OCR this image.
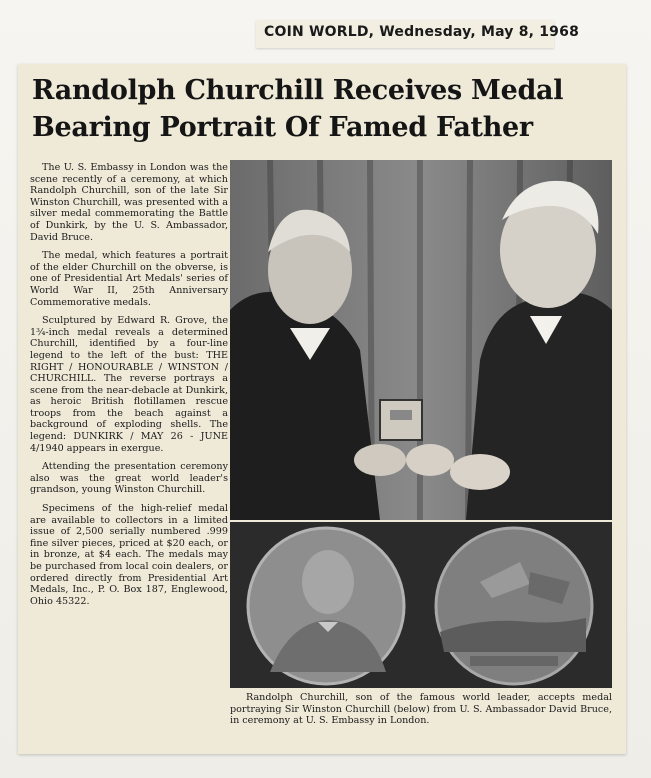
COIN WORLD, Wednesday, May 8, 1968
Randolph Churchill Receives Medal
Bearing Portrait Of Famed Father

The U. S. Embassy in London was the scene recently of a ceremony, at which Randolph Churchill, son of the late Sir Winston Churchill, was presented with a silver medal commemorating the Battle of Dunkirk, by the U. S. Ambassador, David Bruce.

The medal, which features a portrait of the elder Churchill on the obverse, is one of Presidential Art Medals' series of World War II, 25th Anniversary Commemorative medals.

Sculptured by Edward R. Grove, the 1¾-inch medal reveals a determined Churchill, identified by a four-line legend to the left of the bust: THE RIGHT / HONOURABLE / WINSTON / CHURCHILL. The reverse portrays a scene from the near-debacle at Dunkirk, as heroic British flotillamen rescue troops from the beach against a background of exploding shells. The legend: DUNKIRK / MAY 26 - JUNE 4/1940 appears in exergue.

Attending the presentation ceremony also was the great world leader's grandson, young Winston Churchill.

Specimens of the high-relief medal are available to collectors in a limited issue of 2,500 serially numbered .999 fine silver pieces, priced at $20 each, or in bronze, at $4 each. The medals may be purchased from local coin dealers, or ordered directly from Presidential Art Medals, Inc., P. O. Box 187, Englewood, Ohio 45322.

Randolph Churchill, son of the famous world leader, accepts medal portraying Sir Winston Churchill (below) from U. S. Ambassador David Bruce, in ceremony at U. S. Embassy in London.
